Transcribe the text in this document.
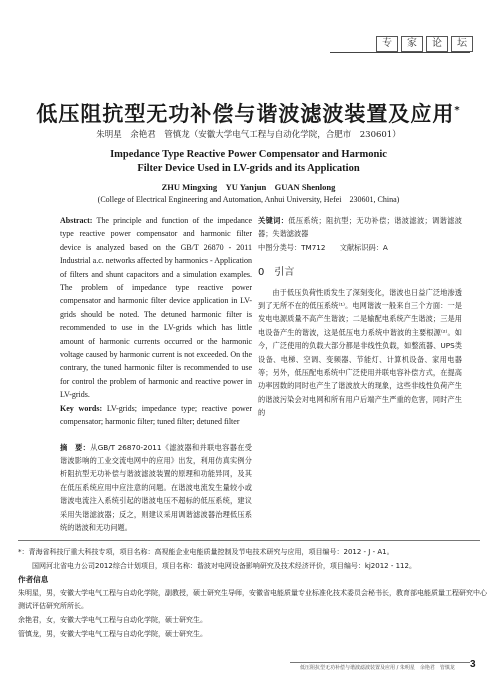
专	家	论	坛
低压阻抗型无功补偿与谐波滤波装置及应用*
朱明星　余艳君　管慎龙（安徽大学电气工程与自动化学院，合肥市　230601）
Impedance Type Reactive Power Compensator and Harmonic
Filter Device Used in LV-grids and its Application
ZHU Mingxing　YU Yanjun　GUAN Shenlong
(College of Electrical Engineering and Automation, Anhui University, Hefei　230601, China)
Abstract: The principle and function of the impedance type reactive power compensator and harmonic filter device is analyzed based on the GB/T 26870 - 2011 Industrial a.c. networks affected by harmonics - Application of filters and shunt capacitors and a simulation examples. The problem of impedance type reactive power compensator and harmonic filter device application in LV-grids should be noted. The detuned harmonic filter is recommended to use in the LV-grids which has little amount of harmonic currents occurred or the harmonic voltage caused by harmonic current is not exceeded. On the contrary, the tuned harmonic filter is recommended to use for control the problem of harmonic and reactive power in LV-grids.
Key words: LV-grids; impedance type; reactive power compensator; harmonic filter; tuned filter; detuned filter
摘　要：从GB/T 26870-2011《滤波器和并联电容器在受谐波影响的工业交流电网中的应用》出发，利用仿真实例分析阻抗型无功补偿与谐波滤波装置的原理和功能异同，及其在低压系统应用中应注意的问题。在谐波电流发生量较小或谐波电流注入系统引起的谐波电压不超标的低压系统，建议采用失谐滤波器；反之，则建议采用调谐滤波器治理低压系统的谐波和无功问题。
关键词：低压系统；阻抗型；无功补偿；谐波滤波；调谐滤波器；失谐滤波器
中图分类号：TM712　　文献标识码：A
0　引言
由于低压负荷性质发生了深刻变化，谐波也日益广泛地渗透到了无所不在的低压系统⁽¹⁾。电网谐波一般来自三个方面：一是发电电源质量不高产生谐波；二是输配电系统产生谐波；三是用电设备产生的谐波，这是低压电力系统中谐波的主要根源⁽²⁾。如今，广泛使用的负载大部分都是非线性负载，如整流器、UPS类设备、电梯、空调、变频器、节能灯、计算机设备、家用电器等；另外，低压配电系统中广泛使用并联电容补偿方式，在提高功率因数的同时也产生了谐波放大的现象，这些非线性负荷产生的谐波污染会对电网和所有用户后端产生严重的危害，同时产生的

*：青海省科技厅重大科技专项，项目名称：高视能企业电能质量控制及节电技术研究与应用，项目编号：2012 - J - A1。

国网河北省电力公司2012综合计划项目，项目名称：谐波对电网设备影响研究及技术经济评价，项目编号：kj2012 - 112。

作者信息

朱明星，男，安徽大学电气工程与自动化学院，副教授，硕士研究生导师，安徽省电能质量专业标准化技术委员会秘书长，教育部电能质量工程研究中心测试评估研究所所长。

余艳君，女，安徽大学电气工程与自动化学院，硕士研究生。

管慎龙，男，安徽大学电气工程与自动化学院，硕士研究生。

低压阻抗型无功补偿与谐波滤波装置及应用 / 朱明星　余艳君　管慎龙	3
